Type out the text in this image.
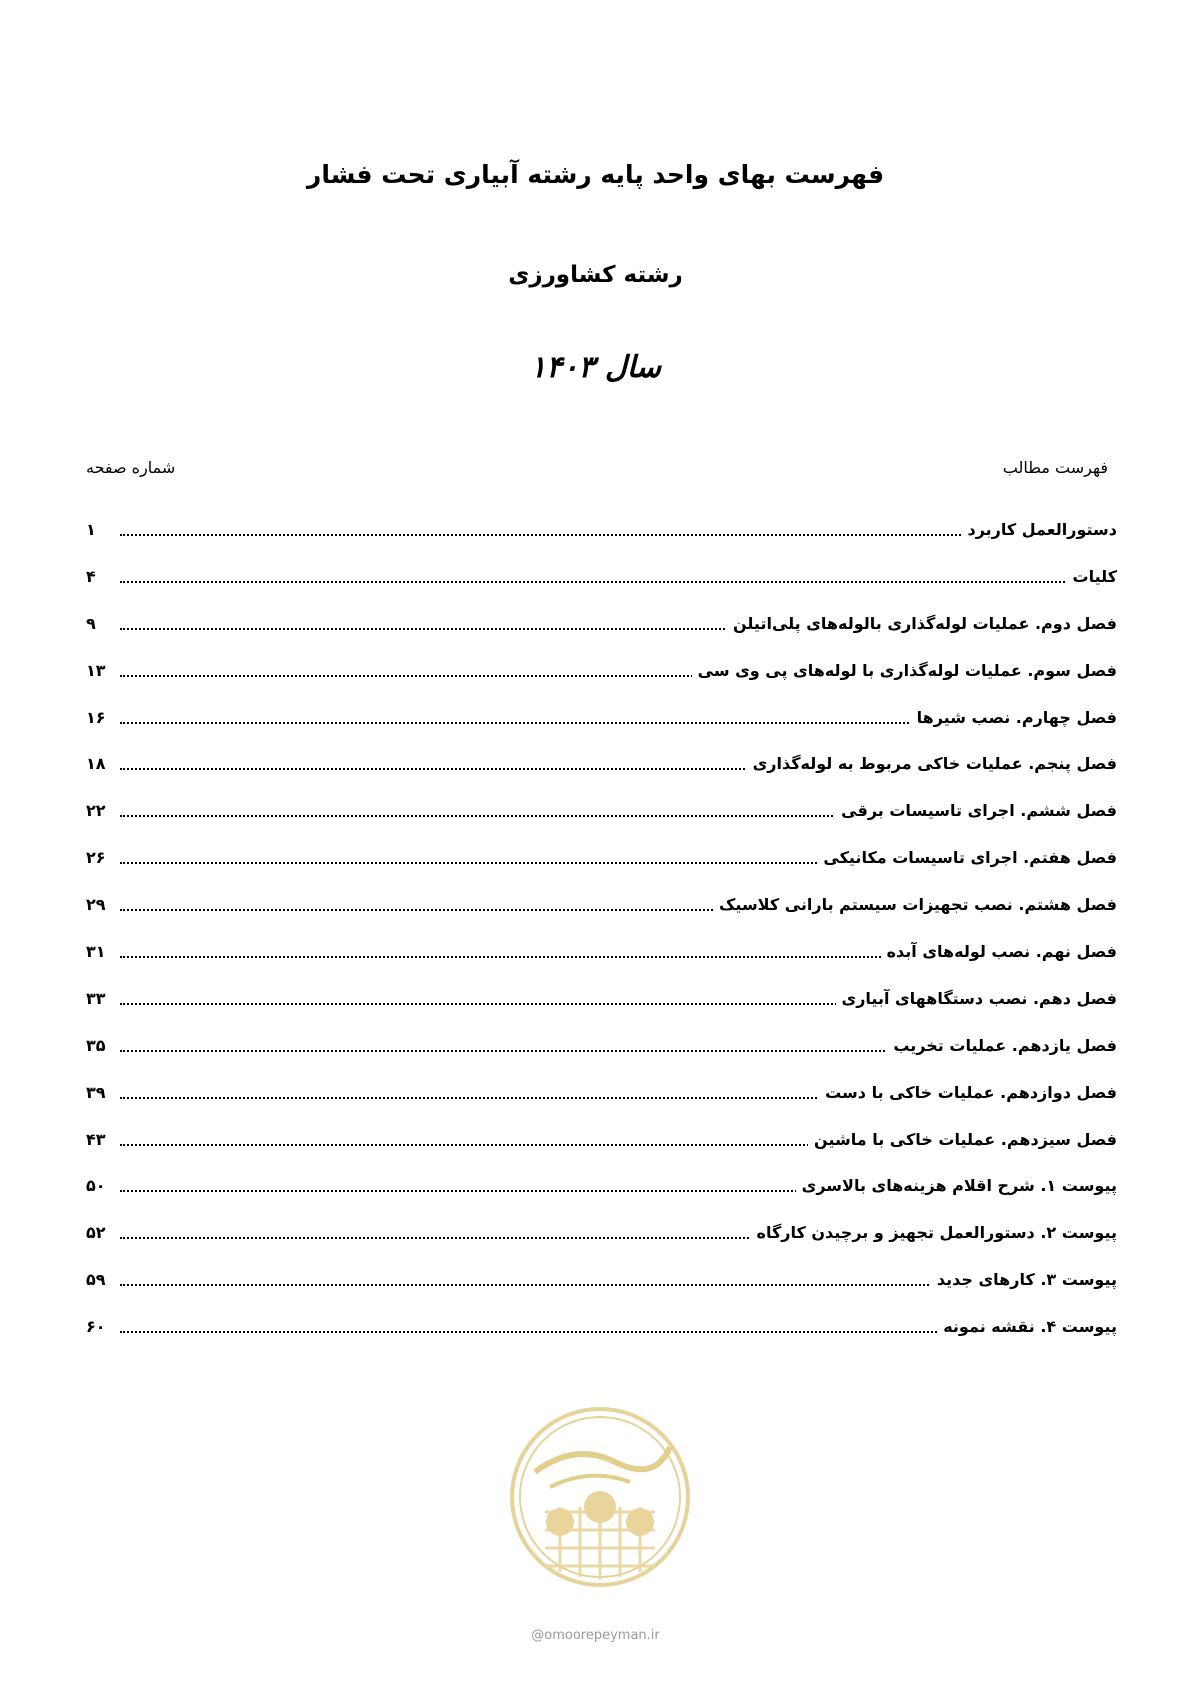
فهرست بهای واحد پایه رشته آبیاری تحت فشار
رشته کشاورزی
سال ۱۴۰۳
فهرست مطالب
شماره صفحه
دستورالعمل کاربرد
۱
کلیات
۴
فصل دوم. عملیات لوله‌گذاری بالوله‌های پلی‌اتیلن
۹
فصل سوم. عملیات لوله‌گذاری با لوله‌های پی وی سی
۱۳
فصل چهارم. نصب شیرها
۱۶
فصل پنجم. عملیات خاکی مربوط به لوله‌گذاری
۱۸
فصل ششم. اجرای تاسیسات برقی
۲۲
فصل هفتم. اجرای تاسیسات مکانیکی
۲۶
فصل هشتم. نصب تجهیزات سیستم بارانی کلاسیک
۲۹
فصل نهم. نصب لوله‌های آبده
۳۱
فصل دهم. نصب دستگاههای آبیاری
۳۳
فصل یازدهم. عملیات تخریب
۳۵
فصل دوازدهم. عملیات خاکی با دست
۳۹
فصل سیزدهم. عملیات خاکی با ماشین
۴۳
پیوست ۱. شرح اقلام هزینه‌های بالاسری
۵۰
پیوست ۲. دستورالعمل تجهیز و برچیدن کارگاه
۵۲
پیوست ۳. کارهای جدید
۵۹
پیوست ۴. نقشه نمونه
۶۰
@omoorepeyman.ir
